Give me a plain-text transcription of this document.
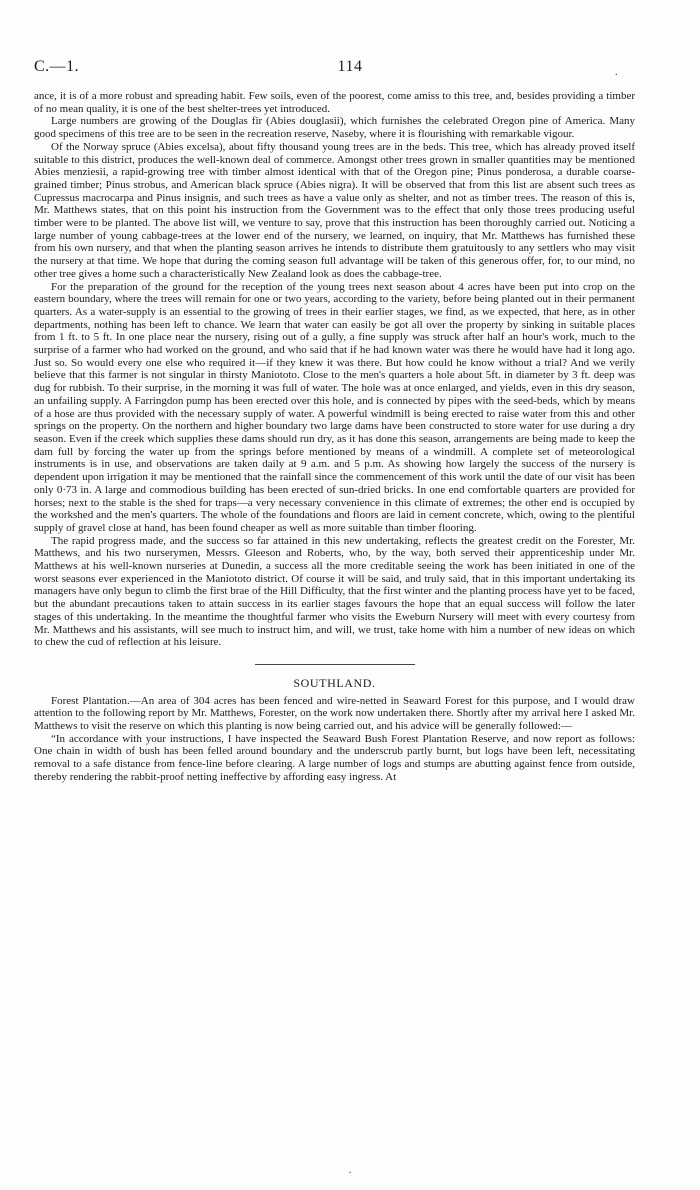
C.—1.	114
·

ance, it is of a more robust and spreading habit. Few soils, even of the poorest, come amiss to this tree, and, besides providing a timber of no mean quality, it is one of the best shelter-trees yet introduced.

Large numbers are growing of the Douglas fir (Abies douglasii), which furnishes the celebrated Oregon pine of America. Many good specimens of this tree are to be seen in the recreation reserve, Naseby, where it is flourishing with remarkable vigour.

Of the Norway spruce (Abies excelsa), about fifty thousand young trees are in the beds. This tree, which has already proved itself suitable to this district, produces the well-known deal of commerce. Amongst other trees grown in smaller quantities may be mentioned Abies menziesii, a rapid-growing tree with timber almost identical with that of the Oregon pine; Pinus ponderosa, a durable coarse-grained timber; Pinus strobus, and American black spruce (Abies nigra). It will be observed that from this list are absent such trees as Cupressus macrocarpa and Pinus insignis, and such trees as have a value only as shelter, and not as timber trees. The reason of this is, Mr. Matthews states, that on this point his instruction from the Government was to the effect that only those trees producing useful timber were to be planted. The above list will, we venture to say, prove that this instruction has been thoroughly carried out. Noticing a large number of young cabbage-trees at the lower end of the nursery, we learned, on inquiry, that Mr. Matthews has furnished these from his own nursery, and that when the planting season arrives he intends to distribute them gratuitously to any settlers who may visit the nursery at that time. We hope that during the coming season full advantage will be taken of this generous offer, for, to our mind, no other tree gives a home such a characteristically New Zealand look as does the cabbage-tree.

For the preparation of the ground for the reception of the young trees next season about 4 acres have been put into crop on the eastern boundary, where the trees will remain for one or two years, according to the variety, before being planted out in their permanent quarters. As a water-supply is an essential to the growing of trees in their earlier stages, we find, as we expected, that here, as in other departments, nothing has been left to chance. We learn that water can easily be got all over the property by sinking in suitable places from 1 ft. to 5 ft. In one place near the nursery, rising out of a gully, a fine supply was struck after half an hour's work, much to the surprise of a farmer who had worked on the ground, and who said that if he had known water was there he would have had it long ago. Just so. So would every one else who required it—if they knew it was there. But how could he know without a trial? And we verily believe that this farmer is not singular in thirsty Maniototo. Close to the men's quarters a hole about 5ft. in diameter by 3 ft. deep was dug for rubbish. To their surprise, in the morning it was full of water. The hole was at once enlarged, and yields, even in this dry season, an unfailing supply. A Farringdon pump has been erected over this hole, and is connected by pipes with the seed-beds, which by means of a hose are thus provided with the necessary supply of water. A powerful windmill is being erected to raise water from this and other springs on the property. On the northern and higher boundary two large dams have been constructed to store water for use during a dry season. Even if the creek which supplies these dams should run dry, as it has done this season, arrangements are being made to keep the dam full by forcing the water up from the springs before mentioned by means of a windmill. A complete set of meteorological instruments is in use, and observations are taken daily at 9 a.m. and 5 p.m. As showing how largely the success of the nursery is dependent upon irrigation it may be mentioned that the rainfall since the commencement of this work until the date of our visit has been only 0·73 in. A large and commodious building has been erected of sun-dried bricks. In one end comfortable quarters are provided for horses; next to the stable is the shed for traps—a very necessary convenience in this climate of extremes; the other end is occupied by the workshed and the men's quarters. The whole of the foundations and floors are laid in cement concrete, which, owing to the plentiful supply of gravel close at hand, has been found cheaper as well as more suitable than timber flooring.

The rapid progress made, and the success so far attained in this new undertaking, reflects the greatest credit on the Forester, Mr. Matthews, and his two nurserymen, Messrs. Gleeson and Roberts, who, by the way, both served their apprenticeship under Mr. Matthews at his well-known nurseries at Dunedin, a success all the more creditable seeing the work has been initiated in one of the worst seasons ever experienced in the Maniototo district. Of course it will be said, and truly said, that in this important undertaking its managers have only begun to climb the first brae of the Hill Difficulty, that the first winter and the planting process have yet to be faced, but the abundant precautions taken to attain success in its earlier stages favours the hope that an equal success will follow the later stages of this undertaking. In the meantime the thoughtful farmer who visits the Eweburn Nursery will meet with every courtesy from Mr. Matthews and his assistants, will see much to instruct him, and will, we trust, take home with him a number of new ideas on which to chew the cud of reflection at his leisure.

SOUTHLAND.

Forest Plantation.—An area of 304 acres has been fenced and wire-netted in Seaward Forest for this purpose, and I would draw attention to the following report by Mr. Matthews, Forester, on the work now undertaken there. Shortly after my arrival here I asked Mr. Matthews to visit the reserve on which this planting is now being carried out, and his advice will be generally followed:—

“In accordance with your instructions, I have inspected the Seaward Bush Forest Plantation Reserve, and now report as follows: One chain in width of bush has been felled around boundary and the underscrub partly burnt, but logs have been left, necessitating removal to a safe distance from fence-line before clearing. A large number of logs and stumps are abutting against fence from outside, thereby rendering the rabbit-proof netting ineffective by affording easy ingress. At

·
